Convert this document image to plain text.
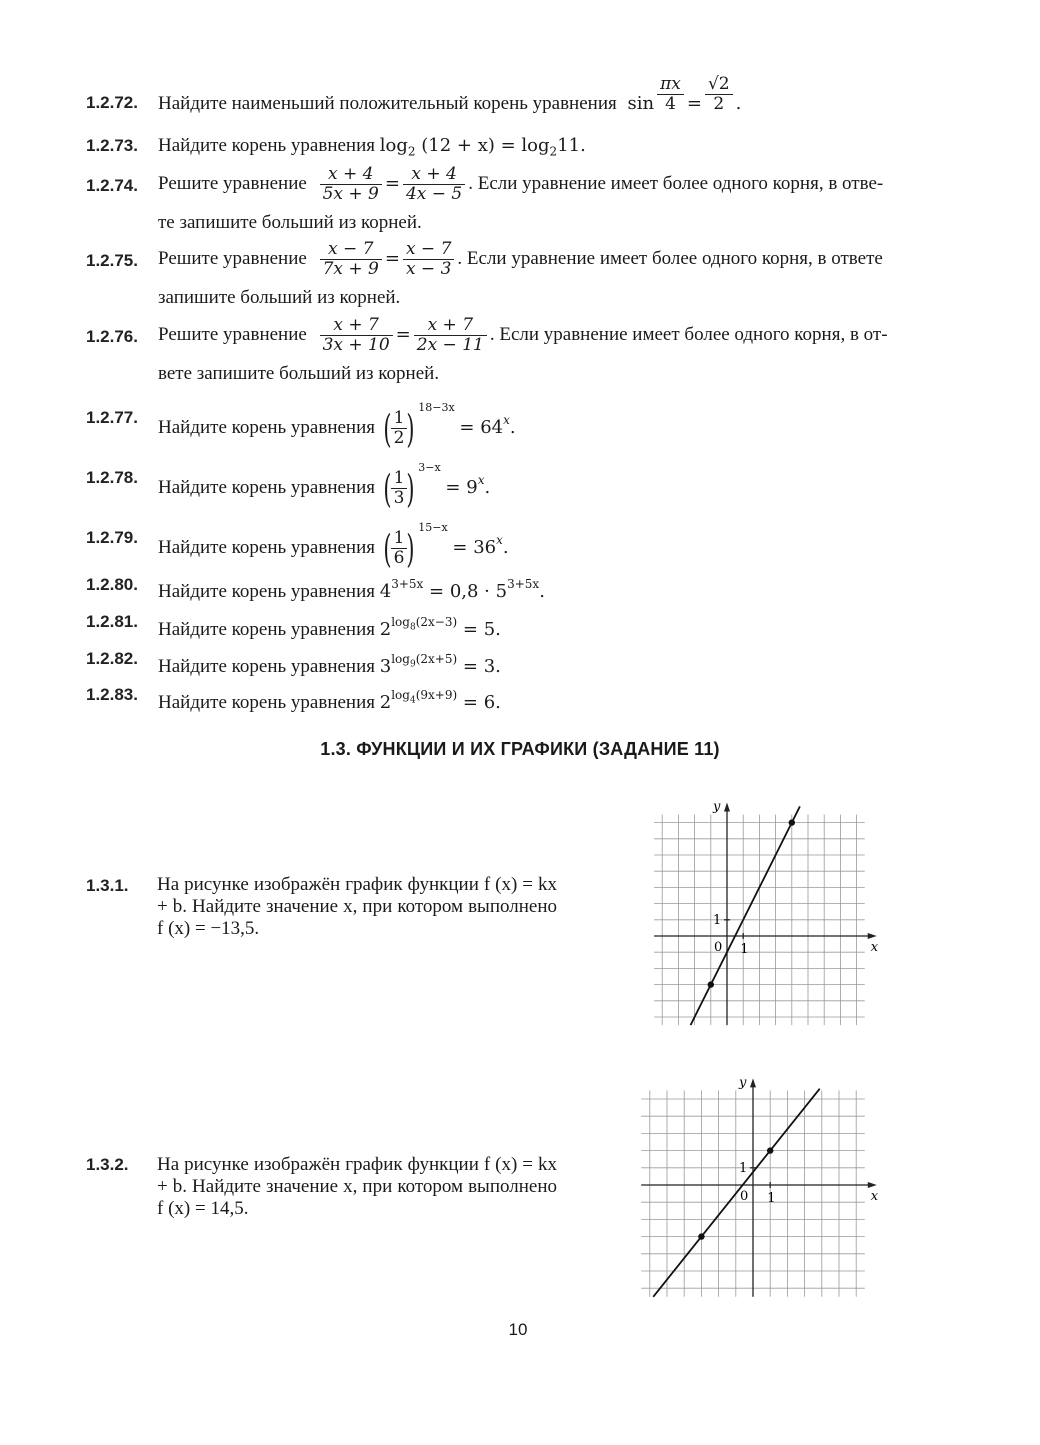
1.2.72. Найдите наименьший положительный корень уравнения $\sin \frac{\pi x}{4} = \frac{√2}{2}$ .
1.2.73. Найдите корень уравнения $\log_2 (12 + x) = \log_211$.
1.2.74. Решите уравнение $\frac{x + 4}{5x + 9} = \frac{x + 4}{4x - 5}$ . Если уравнение имеет более одного корня, в отве-
те запишите больший из корней.
1.2.75. Решите уравнение $\frac{x - 7}{7x + 9} = \frac{x - 7}{x - 3}$ . Если уравнение имеет более одного корня, в ответе
запишите больший из корней.
1.2.76. Решите уравнение $\frac{x + 7}{3x + 10} = \frac{x + 7}{2x - 11}$ . Если уравнение имеет более одного корня, в от-
вете запишите больший из корней.
1.2.77. Найдите корень уравнения ( $\frac{1}{2}$ ) $^{18-3x} = 64^x$.
1.2.78. Найдите корень уравнения ( $\frac{1}{3}$ ) $^{3-x} = 9^x$.
1.2.79. Найдите корень уравнения ( $\frac{1}{6}$ ) $^{15-x} = 36^x$.
1.2.80. Найдите корень уравнения $4^{3+5x} = 0,8 \cdot 5^{3+5x}$.
1.2.81. Найдите корень уравнения $2^{log_8(2x-3)} = 5$.
1.2.82. Найдите корень уравнения $3^{log_9(2x+5)} = 3$.
1.2.83. Найдите корень уравнения $2^{log_4(9x+9)} = 6$.
1.3. ФУНКЦИИ И ИХ ГРАФИКИ (ЗАДАНИЕ 11)
1.3.1. На рисунке изображён график функции f (x) = kx + b. Найдите значение x, при котором выполнено f (x) = −13,5.
y
x
0 1
1
1.3.2. На рисунке изображён график функции f (x) = kx + b. Найдите значение x, при котором выполнено f (x) = 14,5.
y
x
0 1
1
10
